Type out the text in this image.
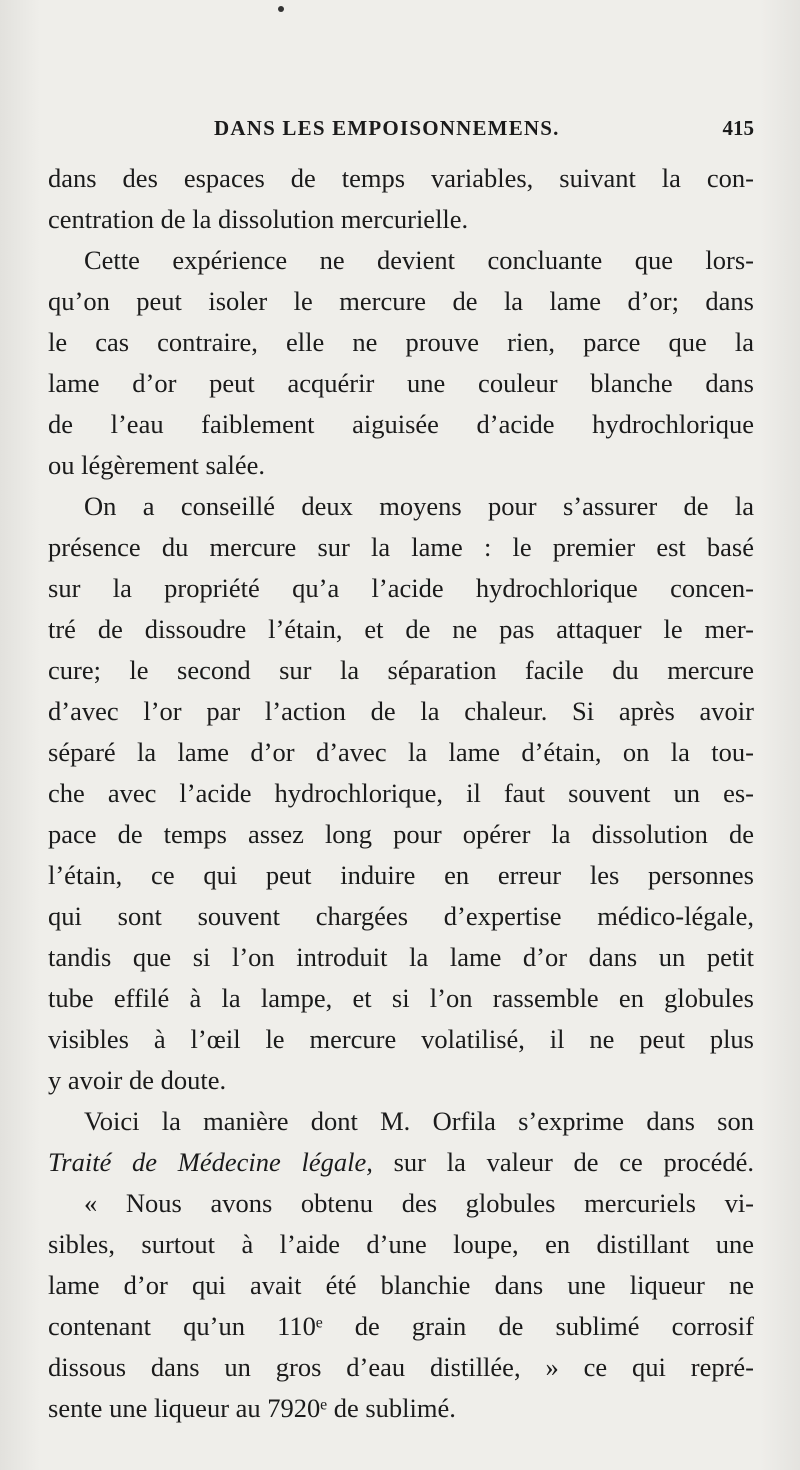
DANS LES EMPOISONNEMENS.	415
dans des espaces de temps variables, suivant la con-
centration de la dissolution mercurielle.
Cette expérience ne devient concluante que lors-
qu’on peut isoler le mercure de la lame d’or; dans
le cas contraire, elle ne prouve rien, parce que la
lame d’or peut acquérir une couleur blanche dans
de l’eau faiblement aiguisée d’acide hydrochlorique
ou légèrement salée.
On a conseillé deux moyens pour s’assurer de la
présence du mercure sur la lame : le premier est basé
sur la propriété qu’a l’acide hydrochlorique concen-
tré de dissoudre l’étain, et de ne pas attaquer le mer-
cure; le second sur la séparation facile du mercure
d’avec l’or par l’action de la chaleur. Si après avoir
séparé la lame d’or d’avec la lame d’étain, on la tou-
che avec l’acide hydrochlorique, il faut souvent un es-
pace de temps assez long pour opérer la dissolution de
l’étain, ce qui peut induire en erreur les personnes
qui sont souvent chargées d’expertise médico-légale,
tandis que si l’on introduit la lame d’or dans un petit
tube effilé à la lampe, et si l’on rassemble en globules
visibles à l’œil le mercure volatilisé, il ne peut plus
y avoir de doute.
Voici la manière dont M. Orfila s’exprime dans son
Traité de Médecine légale, sur la valeur de ce procédé.
« Nous avons obtenu des globules mercuriels vi-
sibles, surtout à l’aide d’une loupe, en distillant une
lame d’or qui avait été blanchie dans une liqueur ne
contenant qu’un 110ᵉ de grain de sublimé corrosif
dissous dans un gros d’eau distillée, » ce qui repré-
sente une liqueur au 7920ᵉ de sublimé.
